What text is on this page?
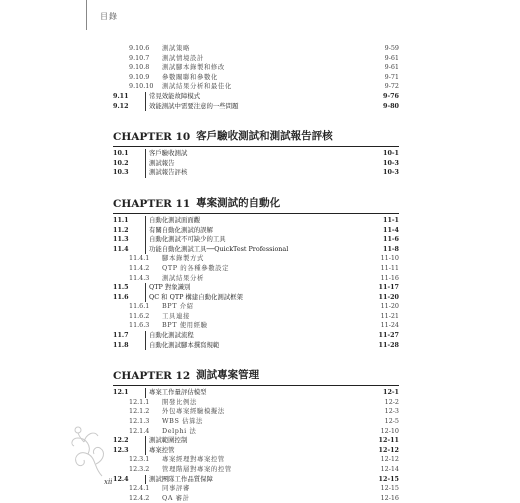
目錄
9.10.6	測試策略	9-59
9.10.7	測試情境設計	9-61
9.10.8	測試腳本錄製和修改	9-61
9.10.9	參數關聯和參數化	9-71
9.10.10	測試結果分析和最佳化	9-72
9.11	常見效能故障模式	9-76
9.12	效能測試中需要注意的一些問題	9-80
CHAPTER 10 客戶驗收測試和測試報告評核
10.1	客戶驗收測試	10-1
10.2	測試報告	10-3
10.3	測試報告評核	10-3
CHAPTER 11 專案測試的自動化
11.1	自動化測試面面觀	11-1
11.2	有關自動化測試的誤解	11-4
11.3	自動化測試不可缺少的工具	11-6
11.4	功能自動化測試工具──QuickTest Professional	11-8
11.4.1	腳本錄製方式	11-10
11.4.2	QTP 的各種參數設定	11-11
11.4.3	測試結果分析	11-16
11.5	QTP 對象識別	11-17
11.6	QC 和 QTP 構建自動化測試框架	11-20
11.6.1	BPT 介紹	11-20
11.6.2	工具連接	11-21
11.6.3	BPT 使用經驗	11-24
11.7	自動化測試流程	11-27
11.8	自動化測試腳本撰寫規範	11-28
CHAPTER 12 測試專案管理
12.1	專案工作量評估模型	12-1
12.1.1	開發比例法	12-2
12.1.2	外包專案經驗模擬法	12-3
12.1.3	WBS 估算法	12-5
12.1.4	Delphi 法	12-10
12.2	測試範圍控制	12-11
12.3	專案控管	12-12
12.3.1	專案經理對專案控管	12-12
12.3.2	管理階層對專案的控管	12-14
12.4	測試團隊工作品質保障	12-15
12.4.1	同事評審	12-15
12.4.2	QA 審計	12-16
xii
